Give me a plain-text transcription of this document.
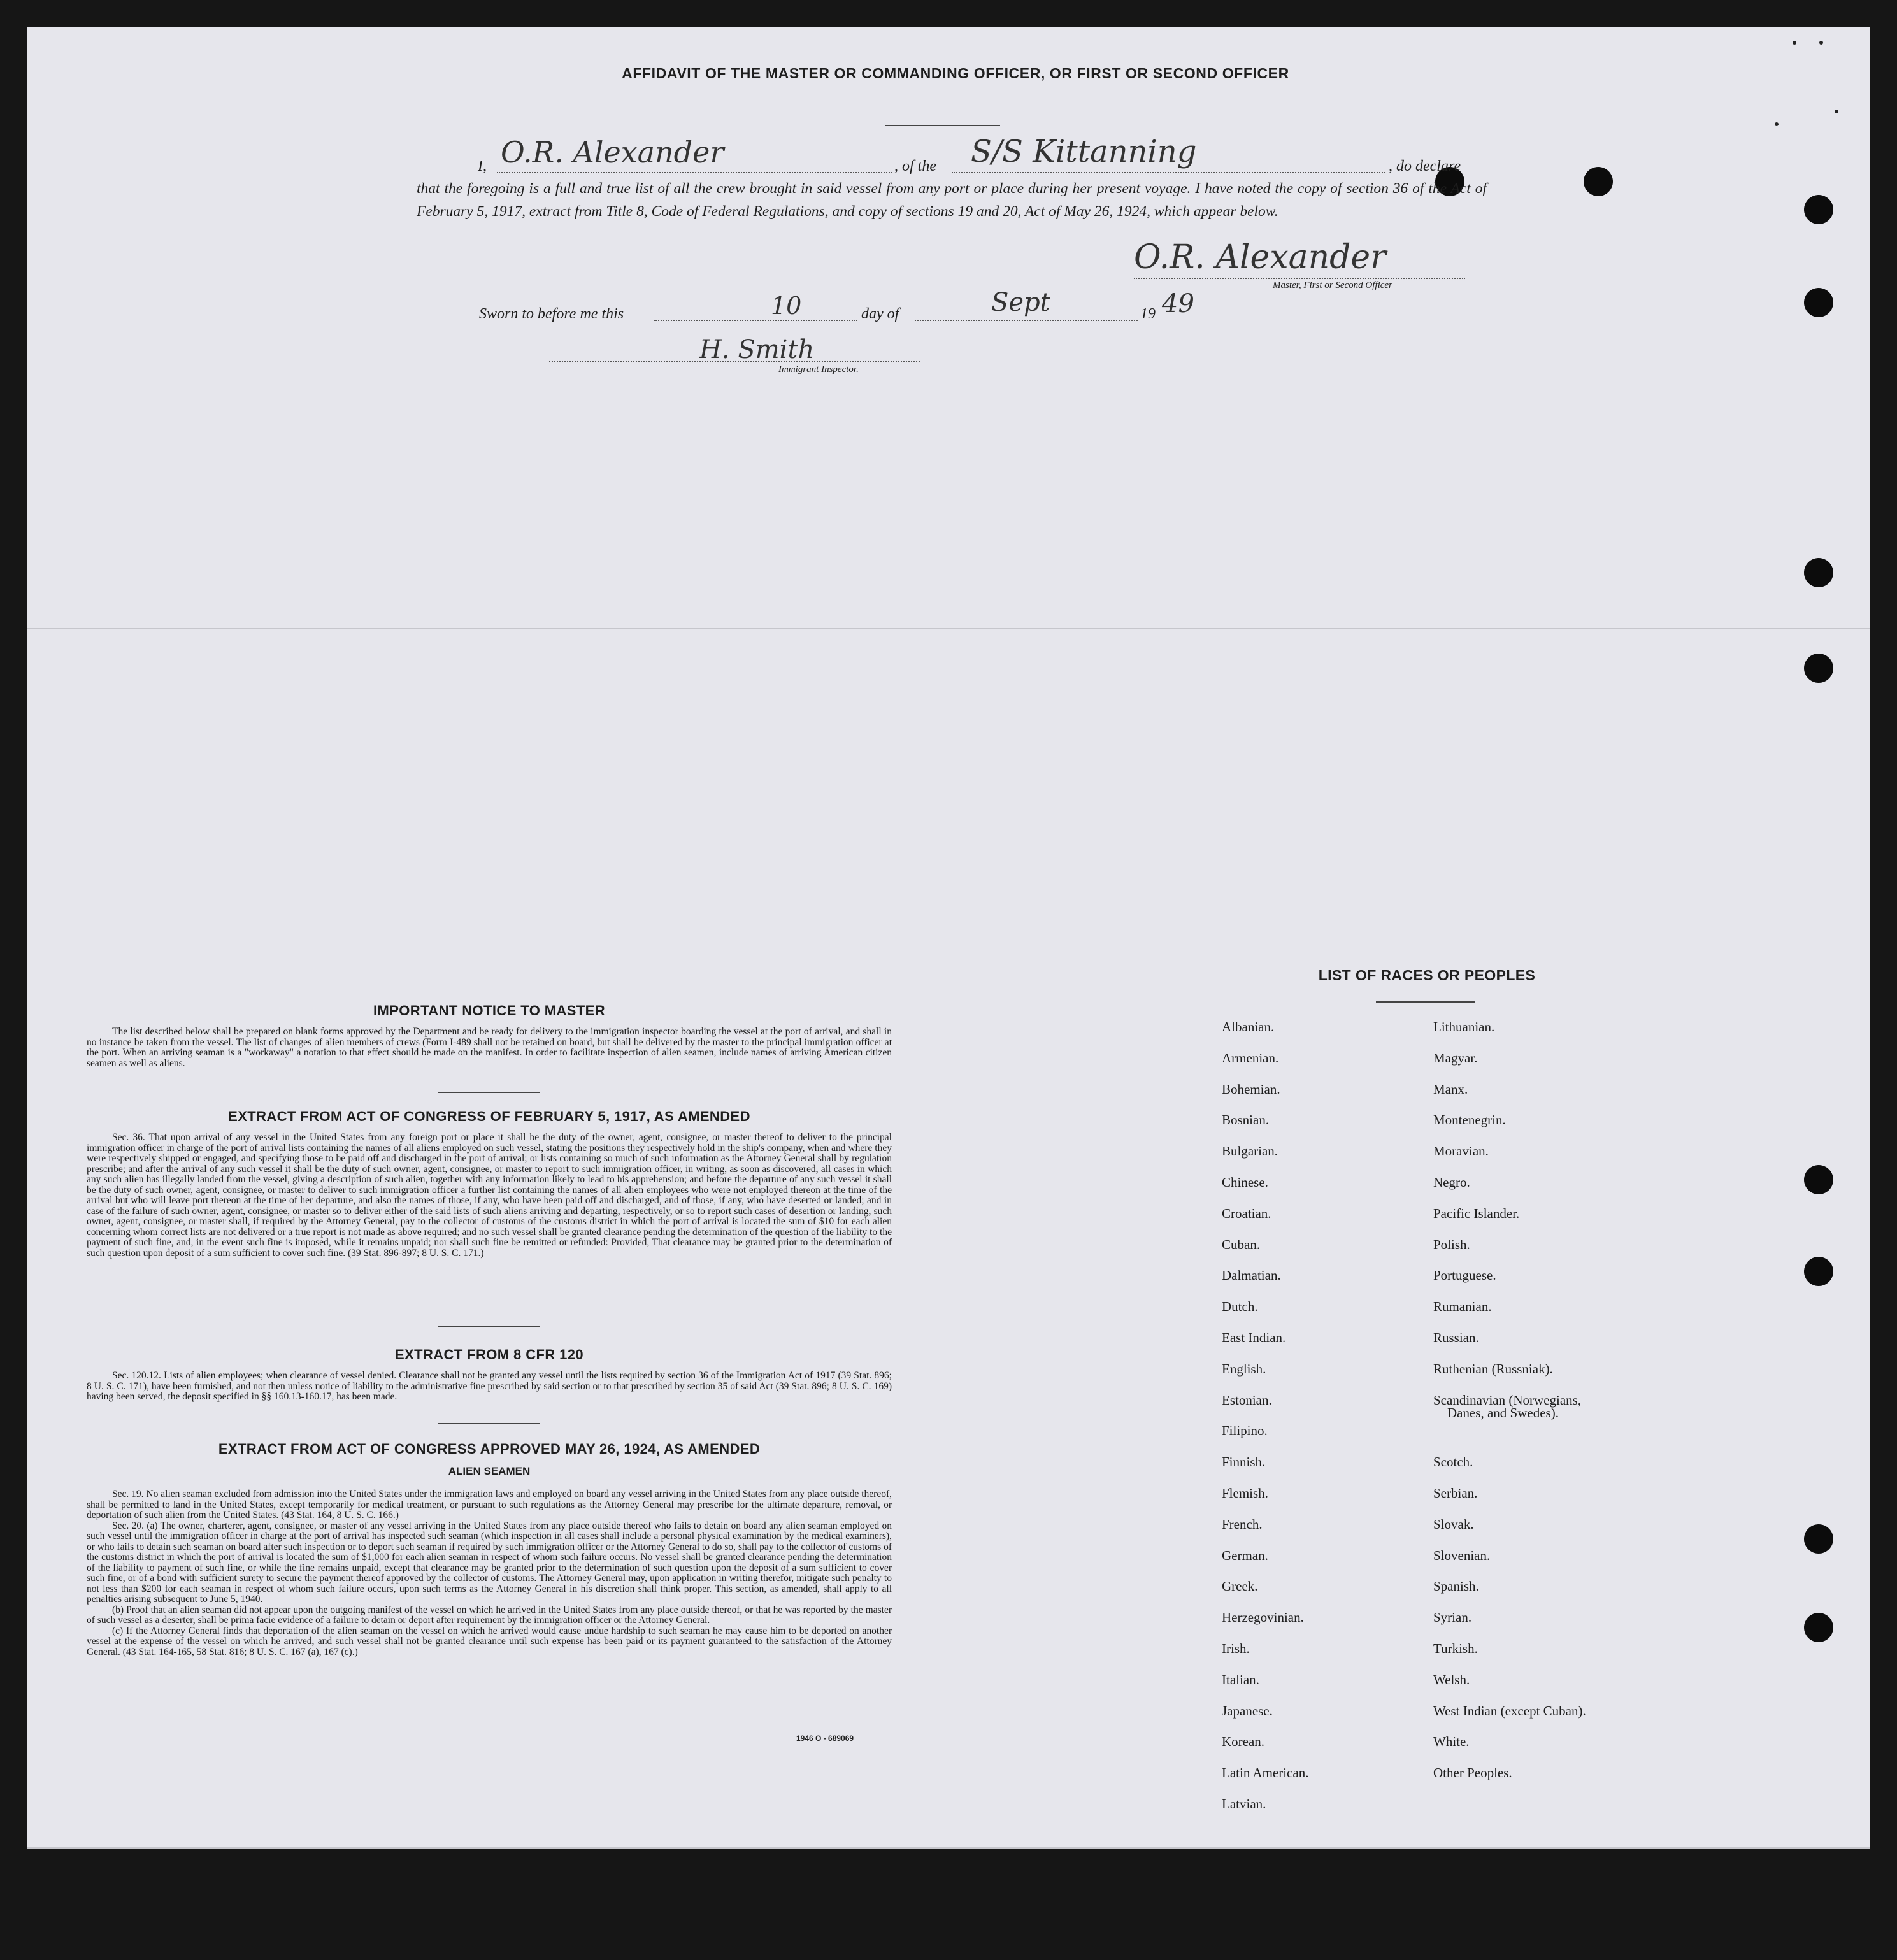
AFFIDAVIT OF THE MASTER OR COMMANDING OFFICER, OR FIRST OR SECOND OFFICER
I, O.R. Alexander	, of the S/S Kittanning	, do declare
that the foregoing is a full and true list of all the crew brought in said vessel from any port or place during her present voyage. I have noted the copy of section 36 of the Act of February 5, 1917, extract from Title 8, Code of Federal Regulations, and copy of sections 19 and 20, Act of May 26, 1924, which appear below.
O.R. Alexander
Master, First or Second Officer
Sworn to before me this	10	day of	Sept	19 49
H. Smith
Immigrant Inspector.
IMPORTANT NOTICE TO MASTER

The list described below shall be prepared on blank forms approved by the Department and be ready for delivery to the immigration inspector boarding the vessel at the port of arrival, and shall in no instance be taken from the vessel. The list of changes of alien members of crews (Form I-489 shall not be retained on board, but shall be delivered by the master to the principal immigration officer at the port. When an arriving seaman is a "workaway" a notation to that effect should be made on the manifest. In order to facilitate inspection of alien seamen, include names of arriving American citizen seamen as well as aliens.

EXTRACT FROM ACT OF CONGRESS OF FEBRUARY 5, 1917, AS AMENDED

Sec. 36. That upon arrival of any vessel in the United States from any foreign port or place it shall be the duty of the owner, agent, consignee, or master thereof to deliver to the principal immigration officer in charge of the port of arrival lists containing the names of all aliens employed on such vessel, stating the positions they respectively hold in the ship's company, when and where they were respectively shipped or engaged, and specifying those to be paid off and discharged in the port of arrival; or lists containing so much of such information as the Attorney General shall by regulation prescribe; and after the arrival of any such vessel it shall be the duty of such owner, agent, consignee, or master to report to such immigration officer, in writing, as soon as discovered, all cases in which any such alien has illegally landed from the vessel, giving a description of such alien, together with any information likely to lead to his apprehension; and before the departure of any such vessel it shall be the duty of such owner, agent, consignee, or master to deliver to such immigration officer a further list containing the names of all alien employees who were not employed thereon at the time of the arrival but who will leave port thereon at the time of her departure, and also the names of those, if any, who have been paid off and discharged, and of those, if any, who have deserted or landed; and in case of the failure of such owner, agent, consignee, or master so to deliver either of the said lists of such aliens arriving and departing, respectively, or so to report such cases of desertion or landing, such owner, agent, consignee, or master shall, if required by the Attorney General, pay to the collector of customs of the customs district in which the port of arrival is located the sum of $10 for each alien concerning whom correct lists are not delivered or a true report is not made as above required; and no such vessel shall be granted clearance pending the determination of the question of the liability to the payment of such fine, and, in the event such fine is imposed, while it remains unpaid; nor shall such fine be remitted or refunded: Provided, That clearance may be granted prior to the determination of such question upon deposit of a sum sufficient to cover such fine. (39 Stat. 896-897; 8 U. S. C. 171.)

EXTRACT FROM 8 CFR 120

Sec. 120.12. Lists of alien employees; when clearance of vessel denied. Clearance shall not be granted any vessel until the lists required by section 36 of the Immigration Act of 1917 (39 Stat. 896; 8 U. S. C. 171), have been furnished, and not then unless notice of liability to the administrative fine prescribed by said section or to that prescribed by section 35 of said Act (39 Stat. 896; 8 U. S. C. 169) having been served, the deposit specified in §§ 160.13-160.17, has been made.

EXTRACT FROM ACT OF CONGRESS APPROVED MAY 26, 1924, AS AMENDED
ALIEN SEAMEN

Sec. 19. No alien seaman excluded from admission into the United States under the immigration laws and employed on board any vessel arriving in the United States from any place outside thereof, shall be permitted to land in the United States, except temporarily for medical treatment, or pursuant to such regulations as the Attorney General may prescribe for the ultimate departure, removal, or deportation of such alien from the United States. (43 Stat. 164, 8 U. S. C. 166.)

Sec. 20. (a) The owner, charterer, agent, consignee, or master of any vessel arriving in the United States from any place outside thereof who fails to detain on board any alien seaman employed on such vessel until the immigration officer in charge at the port of arrival has inspected such seaman (which inspection in all cases shall include a personal physical examination by the medical examiners), or who fails to detain such seaman on board after such inspection or to deport such seaman if required by such immigration officer or the Attorney General to do so, shall pay to the collector of customs of the customs district in which the port of arrival is located the sum of $1,000 for each alien seaman in respect of whom such failure occurs. No vessel shall be granted clearance pending the determination of the liability to payment of such fine, or while the fine remains unpaid, except that clearance may be granted prior to the determination of such question upon the deposit of a sum sufficient to cover such fine, or of a bond with sufficient surety to secure the payment thereof approved by the collector of customs. The Attorney General may, upon application in writing therefor, mitigate such penalty to not less than $200 for each seaman in respect of whom such failure occurs, upon such terms as the Attorney General in his discretion shall think proper. This section, as amended, shall apply to all penalties arising subsequent to June 5, 1940.

(b) Proof that an alien seaman did not appear upon the outgoing manifest of the vessel on which he arrived in the United States from any place outside thereof, or that he was reported by the master of such vessel as a deserter, shall be prima facie evidence of a failure to detain or deport after requirement by the immigration officer or the Attorney General.

(c) If the Attorney General finds that deportation of the alien seaman on the vessel on which he arrived would cause undue hardship to such seaman he may cause him to be deported on another vessel at the expense of the vessel on which he arrived, and such vessel shall not be granted clearance until such expense has been paid or its payment guaranteed to the satisfaction of the Attorney General. (43 Stat. 164-165, 58 Stat. 816; 8 U. S. C. 167 (a), 167 (c).)

1946 O - 689069
LIST OF RACES OR PEOPLES
Albanian.
Armenian.
Bohemian.
Bosnian.
Bulgarian.
Chinese.
Croatian.
Cuban.
Dalmatian.
Dutch.
East Indian.
English.
Estonian.
Filipino.
Finnish.
Flemish.
French.
German.
Greek.
Herzegovinian.
Irish.
Italian.
Japanese.
Korean.
Latin American.
Latvian.
Lithuanian.
Magyar.
Manx.
Montenegrin.
Moravian.
Negro.
Pacific Islander.
Polish.
Portuguese.
Rumanian.
Russian.
Ruthenian (Russniak).
Scandinavian (Norwegians,
Danes, and Swedes).
Scotch.
Serbian.
Slovak.
Slovenian.
Spanish.
Syrian.
Turkish.
Welsh.
West Indian (except Cuban).
White.
Other Peoples.
